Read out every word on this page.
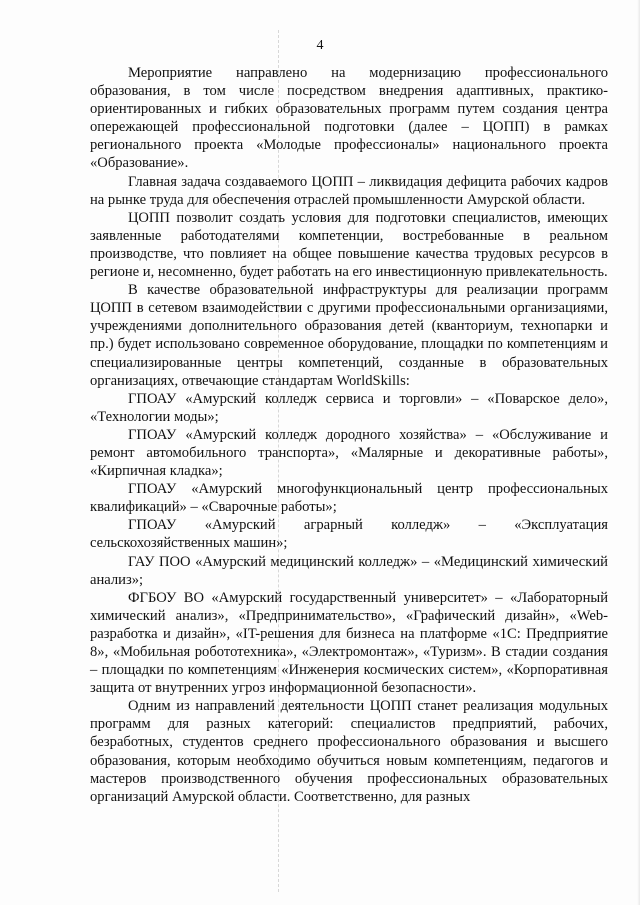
4

Мероприятие направлено на модернизацию профессионального образования, в том числе посредством внедрения адаптивных, практико-ориентированных и гибких образовательных программ путем создания центра опережающей профессиональной подготовки (далее – ЦОПП) в рамках регионального проекта «Молодые профессионалы» национального проекта «Образование».

Главная задача создаваемого ЦОПП – ликвидация дефицита рабочих кадров на рынке труда для обеспечения отраслей промышленности Амурской области.

ЦОПП позволит создать условия для подготовки специалистов, имеющих заявленные работодателями компетенции, востребованные в реальном производстве, что повлияет на общее повышение качества трудовых ресурсов в регионе и, несомненно, будет работать на его инвестиционную привлекательность.

В качестве образовательной инфраструктуры для реализации программ ЦОПП в сетевом взаимодействии с другими профессиональными организациями, учреждениями дополнительного образования детей (кванториум, технопарки и пр.) будет использовано современное оборудование, площадки по компетенциям и специализированные центры компетенций, созданные в образовательных организациях, отвечающие стандартам WorldSkills:

ГПОАУ «Амурский колледж сервиса и торговли» – «Поварское дело», «Технологии моды»;

ГПОАУ «Амурский колледж дородного хозяйства» – «Обслуживание и ремонт автомобильного транспорта», «Малярные и декоративные работы», «Кирпичная кладка»;

ГПОАУ «Амурский многофункциональный центр профессиональных квалификаций» – «Сварочные работы»;

ГПОАУ «Амурский аграрный колледж» – «Эксплуатация сельскохозяйственных машин»;

ГАУ ПОО «Амурский медицинский колледж» – «Медицинский химический анализ»;

ФГБОУ ВО «Амурский государственный университет» – «Лабораторный химический анализ», «Предпринимательство», «Графический дизайн», «Web-разработка и дизайн», «IT-решения для бизнеса на платформе «1С: Предприятие 8», «Мобильная робототехника», «Электромонтаж», «Туризм». В стадии создания – площадки по компетенциям «Инженерия космических систем», «Корпоративная защита от внутренних угроз информационной безопасности».

Одним из направлений деятельности ЦОПП станет реализация модульных программ для разных категорий: специалистов предприятий, рабочих, безработных, студентов среднего профессионального образования и высшего образования, которым необходимо обучиться новым компетенциям, педагогов и мастеров производственного обучения профессиональных образовательных организаций Амурской области. Соответственно, для разных
